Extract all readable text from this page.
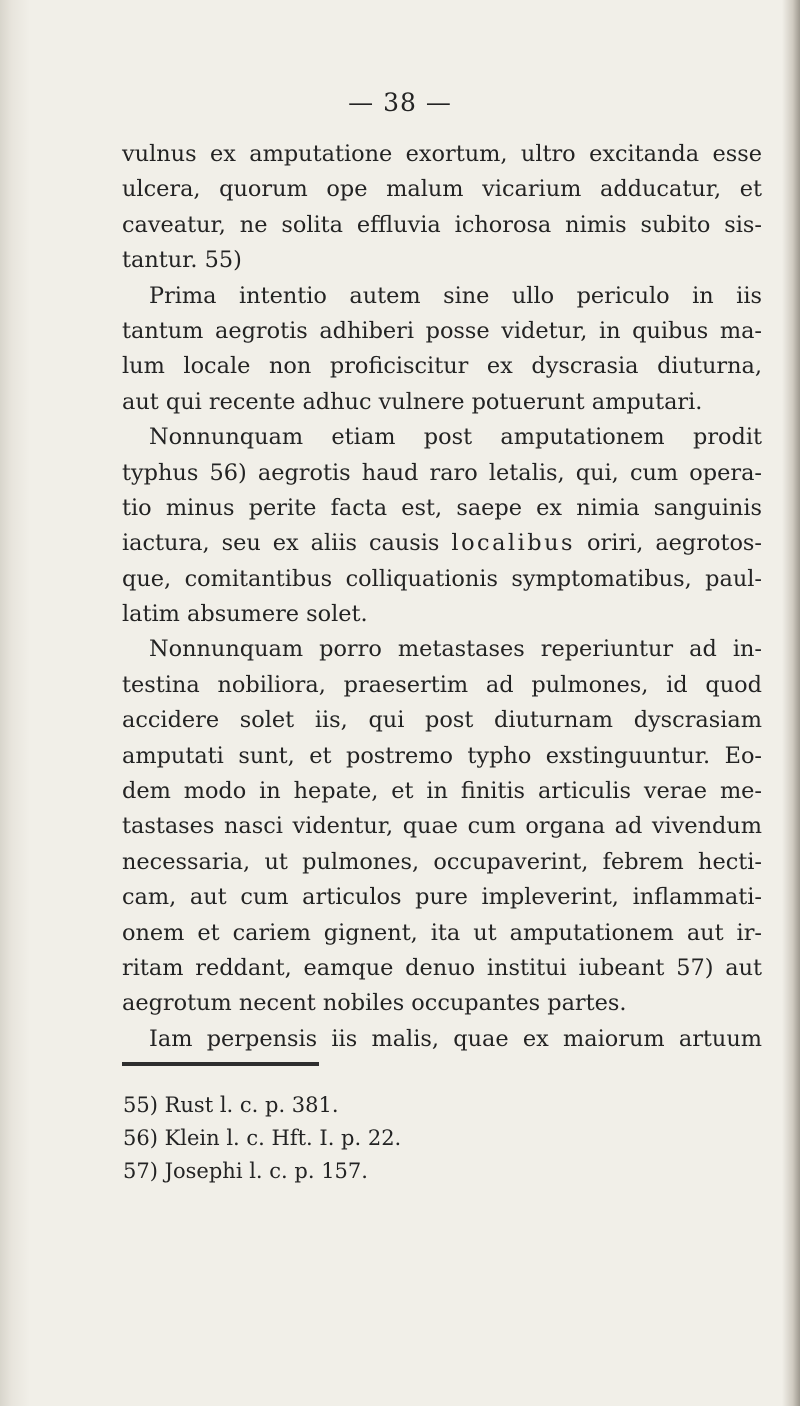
— 38 —
vulnus ex amputatione exortum, ultro excitanda esse
ulcera, quorum ope malum vicarium adducatur, et
caveatur, ne solita effluvia ichorosa nimis subito sis-
tantur. 55)
Prima intentio autem sine ullo periculo in iis
tantum aegrotis adhiberi posse videtur, in quibus ma-
lum locale non proficiscitur ex dyscrasia diuturna,
aut qui recente adhuc vulnere potuerunt amputari.
Nonnunquam etiam post amputationem prodit
typhus 56) aegrotis haud raro letalis, qui, cum opera-
tio minus perite facta est, saepe ex nimia sanguinis
iactura, seu ex aliis causis localibus oriri, aegrotos-
que, comitantibus colliquationis symptomatibus, paul-
latim absumere solet.
Nonnunquam porro metastases reperiuntur ad in-
testina nobiliora, praesertim ad pulmones, id quod
accidere solet iis, qui post diuturnam dyscrasiam
amputati sunt, et postremo typho exstinguuntur. Eo-
dem modo in hepate, et in finitis articulis verae me-
tastases nasci videntur, quae cum organa ad vivendum
necessaria, ut pulmones, occupaverint, febrem hecti-
cam, aut cum articulos pure impleverint, inflammati-
onem et cariem gignent, ita ut amputationem aut ir-
ritam reddant, eamque denuo institui iubeant 57) aut
aegrotum necent nobiles occupantes partes.
Iam perpensis iis malis, quae ex maiorum artuum
55) Rust l. c. p. 381.
56) Klein l. c. Hft. I. p. 22.
57) Josephi l. c. p. 157.
